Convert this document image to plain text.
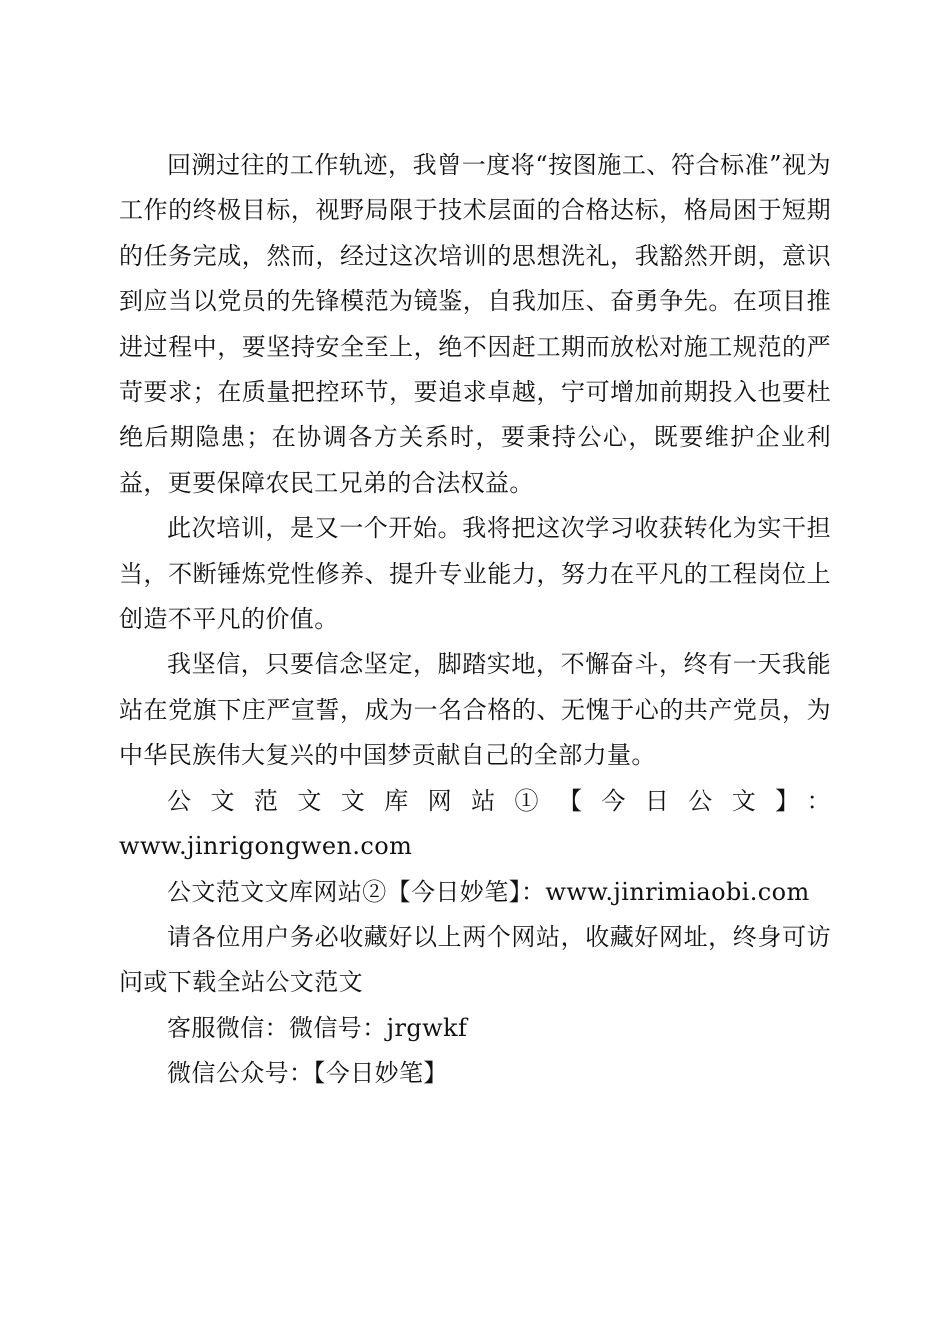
回溯过往的工作轨迹，我曾一度将“按图施工、符合标准”视为工作的终极目标，视野局限于技术层面的合格达标，格局困于短期的任务完成，然而，经过这次培训的思想洗礼，我豁然开朗，意识到应当以党员的先锋模范为镜鉴，自我加压、奋勇争先。在项目推进过程中，要坚持安全至上，绝不因赶工期而放松对施工规范的严苛要求；在质量把控环节，要追求卓越，宁可增加前期投入也要杜绝后期隐患；在协调各方关系时，要秉持公心，既要维护企业利益，更要保障农民工兄弟的合法权益。

此次培训，是又一个开始。我将把这次学习收获转化为实干担当，不断锤炼党性修养、提升专业能力，努力在平凡的工程岗位上创造不平凡的价值。

我坚信，只要信念坚定，脚踏实地，不懈奋斗，终有一天我能站在党旗下庄严宣誓，成为一名合格的、无愧于心的共产党员，为中华民族伟大复兴的中国梦贡献自己的全部力量。

公文范文文库网站①【今日公文】：

www.jinrigongwen.com

公文范文文库网站②【今日妙笔】：www.jinrimiaobi.com

请各位用户务必收藏好以上两个网站，收藏好网址，终身可访问或下载全站公文范文

客服微信：微信号：jrgwkf

微信公众号：【今日妙笔】
